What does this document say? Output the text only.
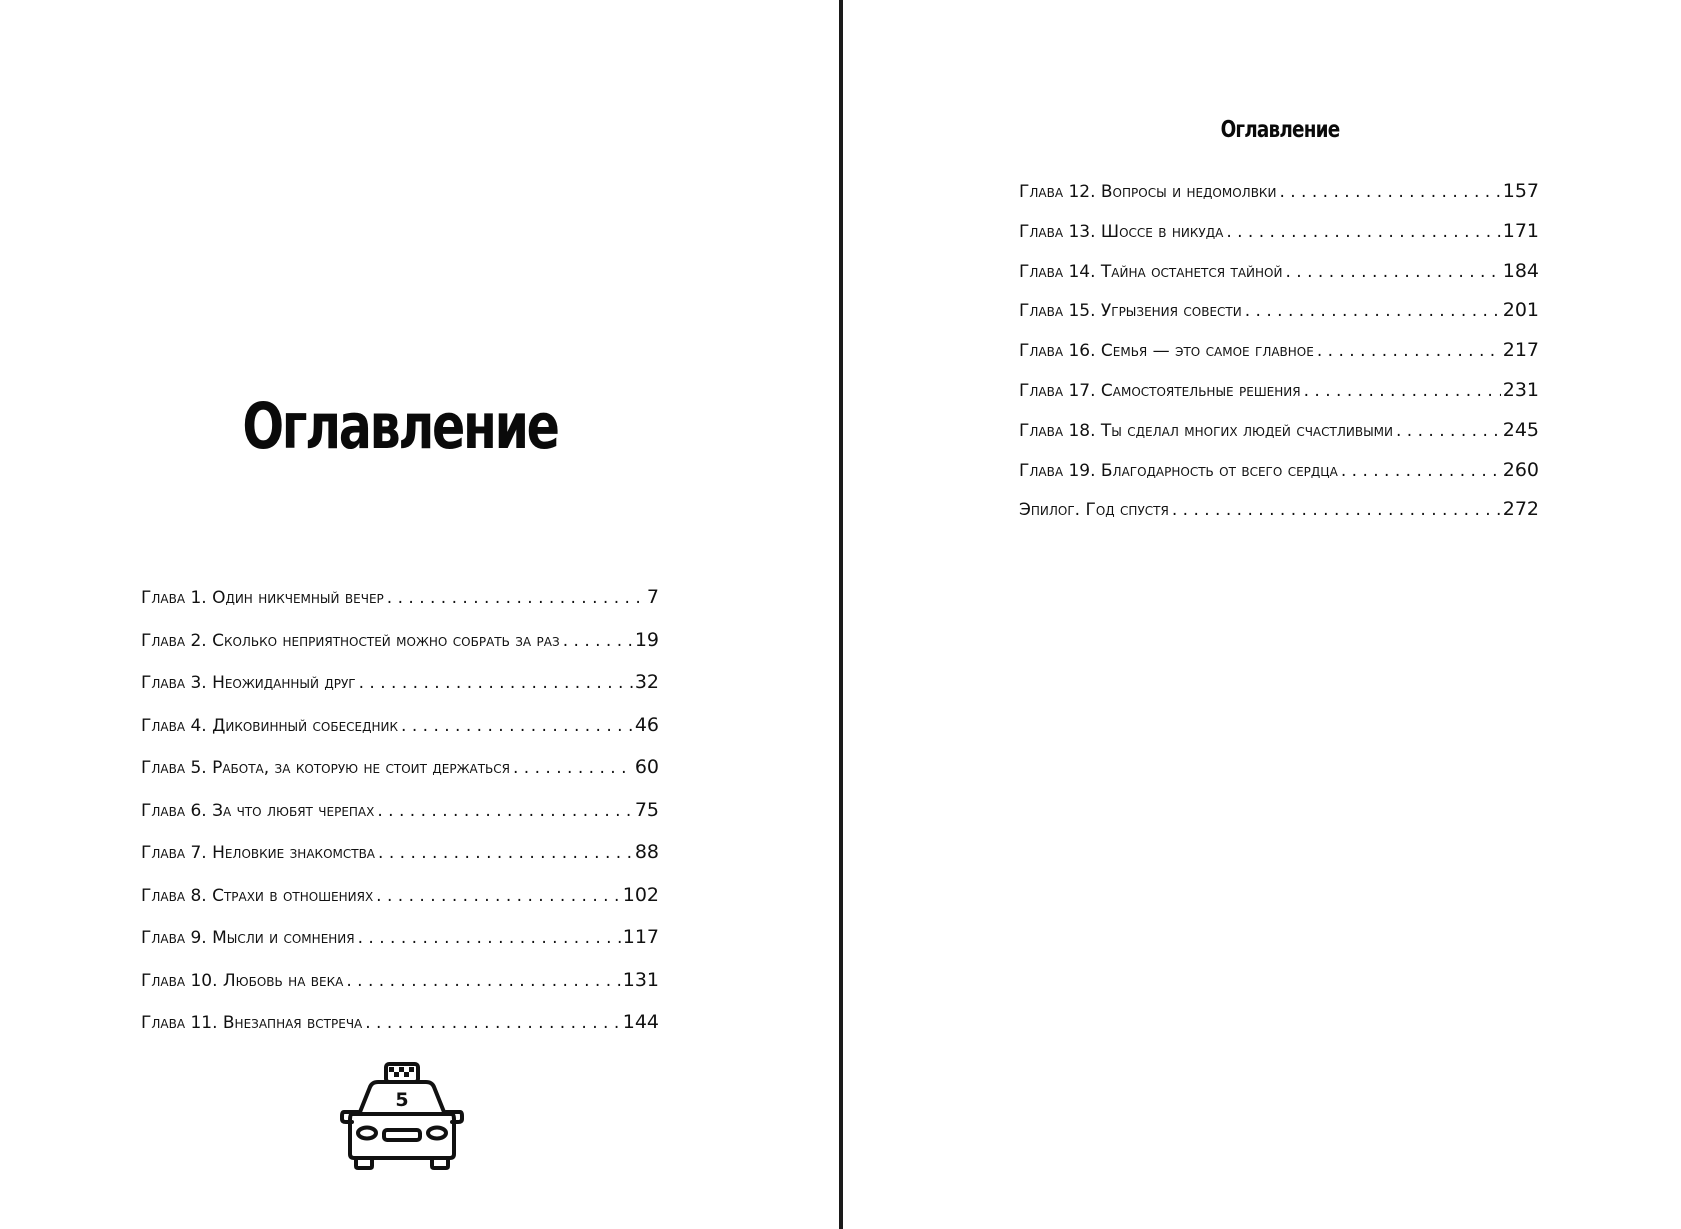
Оглавление
Глава 1. Один никчемный вечер . . .	7
Глава 2. Сколько неприятностей можно собрать за раз . . .	19
Глава 3. Неожиданный друг . . .	32
Глава 4. Диковинный собеседник . . .	46
Глава 5. Работа, за которую не стоит держаться . . .	60
Глава 6. За что любят черепах . . .	75
Глава 7. Неловкие знакомства . . .	88
Глава 8. Страхи в отношениях . . .	102
Глава 9. Мысли и сомнения . . .	117
Глава 10. Любовь на века . . .	131
Глава 11. Внезапная встреча . . .	144
5
Оглавление
Глава 12. Вопросы и недомолвки . . .	157
Глава 13. Шоссе в никуда . . .	171
Глава 14. Тайна останется тайной . . .	184
Глава 15. Угрызения совести . . .	201
Глава 16. Семья — это самое главное . . .	217
Глава 17. Самостоятельные решения . . .	231
Глава 18. Ты сделал многих людей счастливыми . . .	245
Глава 19. Благодарность от всего сердца . . .	260
Эпилог. Год спустя . . .	272
